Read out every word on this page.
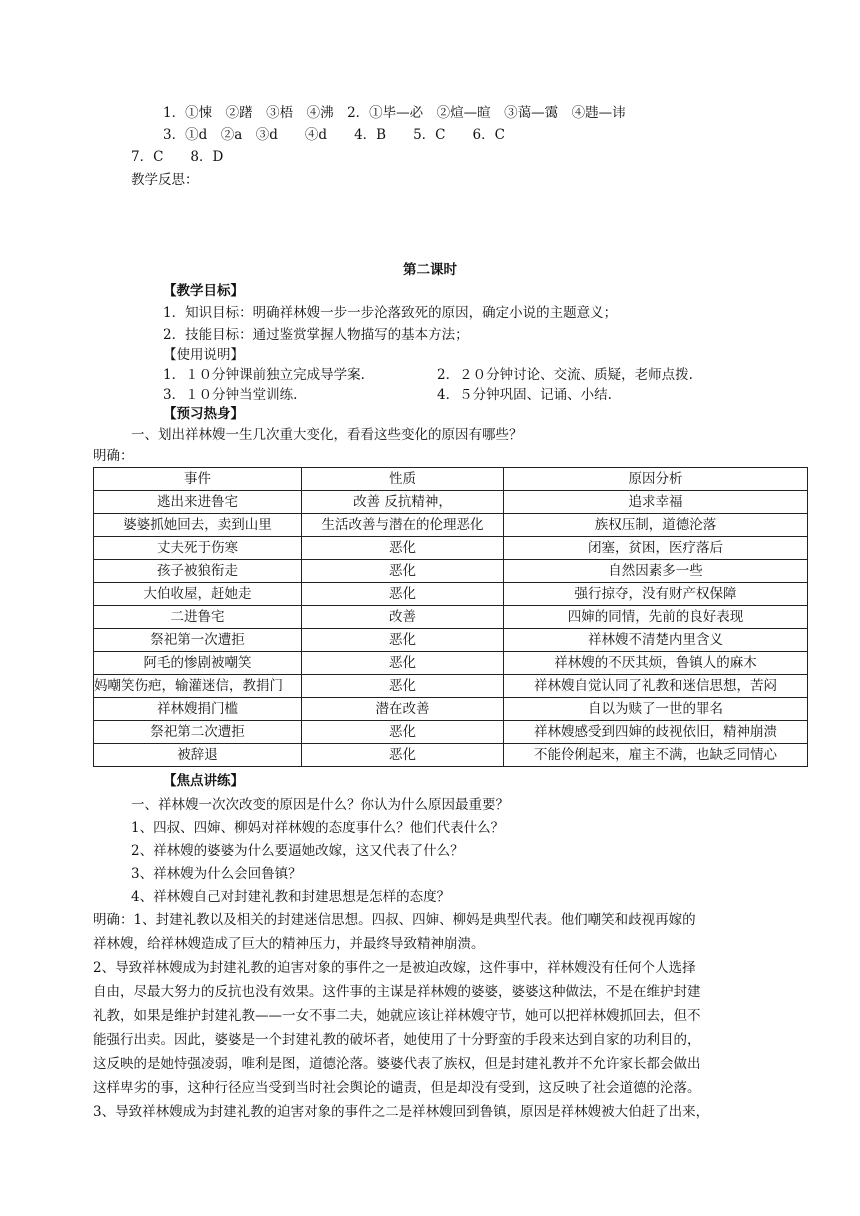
1．①悚　②躇　③梧　④沸　2．①毕—必　②煊—暄　③蔼—霭　④韪—讳
3．①d　②a　③d　　④d　　4．B　　5．C　　6．C
7．C　　8．D
教学反思：
第二课时
【教学目标】
1．知识目标：明确祥林嫂一步一步沦落致死的原因，确定小说的主题意义；
2．技能目标：通过鉴赏掌握人物描写的基本方法；
【使用说明】
1．１０分钟课前独立完成导学案.	2．２０分钟讨论、交流、质疑，老师点拨.
3．１０分钟当堂训练.	4．５分钟巩固、记诵、小结.
【预习热身】
一、划出祥林嫂一生几次重大变化，看看这些变化的原因有哪些？
明确：
事件	性质	原因分析
逃出来进鲁宅	改善 反抗精神，	追求幸福
婆婆抓她回去，卖到山里	生活改善与潜在的伦理恶化	族权压制，道德沦落
丈夫死于伤寒	恶化	闭塞，贫困，医疗落后
孩子被狼衔走	恶化	自然因素多一些
大伯收屋，赶她走	恶化	强行掠夺，没有财产权保障
二进鲁宅	改善	四婶的同情，先前的良好表现
祭祀第一次遭拒	恶化	祥林嫂不清楚内里含义
阿毛的惨剧被嘲笑	恶化	祥林嫂的不厌其烦，鲁镇人的麻木
妈嘲笑伤疤，输灌迷信，教捐门	恶化	祥林嫂自觉认同了礼教和迷信思想，苦闷
祥林嫂捐门槛	潜在改善	自以为赎了一世的罪名
祭祀第二次遭拒	恶化	祥林嫂感受到四婶的歧视依旧，精神崩溃
被辞退	恶化	不能伶俐起来，雇主不满，也缺乏同情心
【焦点讲练】
一、祥林嫂一次次改变的原因是什么？你认为什么原因最重要？
1、四叔、四婶、柳妈对祥林嫂的态度事什么？他们代表什么？
2、祥林嫂的婆婆为什么要逼她改嫁，这又代表了什么？
3、祥林嫂为什么会回鲁镇？
4、祥林嫂自己对封建礼教和封建思想是怎样的态度？
明确：1、封建礼教以及相关的封建迷信思想。四叔、四婶、柳妈是典型代表。他们嘲笑和歧视再嫁的
祥林嫂，给祥林嫂造成了巨大的精神压力，并最终导致精神崩溃。
2、导致祥林嫂成为封建礼教的迫害对象的事件之一是被迫改嫁，这件事中，祥林嫂没有任何个人选择
自由，尽最大努力的反抗也没有效果。这件事的主谋是祥林嫂的婆婆，婆婆这种做法，不是在维护封建
礼教，如果是维护封建礼教——一女不事二夫，她就应该让祥林嫂守节，她可以把祥林嫂抓回去，但不
能强行出卖。因此，婆婆是一个封建礼教的破坏者，她使用了十分野蛮的手段来达到自家的功利目的，
这反映的是她恃强凌弱，唯利是图，道德沦落。婆婆代表了族权，但是封建礼教并不允许家长都会做出
这样卑劣的事，这种行径应当受到当时社会舆论的谴责，但是却没有受到，这反映了社会道德的沦落。
3、导致祥林嫂成为封建礼教的迫害对象的事件之二是祥林嫂回到鲁镇，原因是祥林嫂被大伯赶了出来，
